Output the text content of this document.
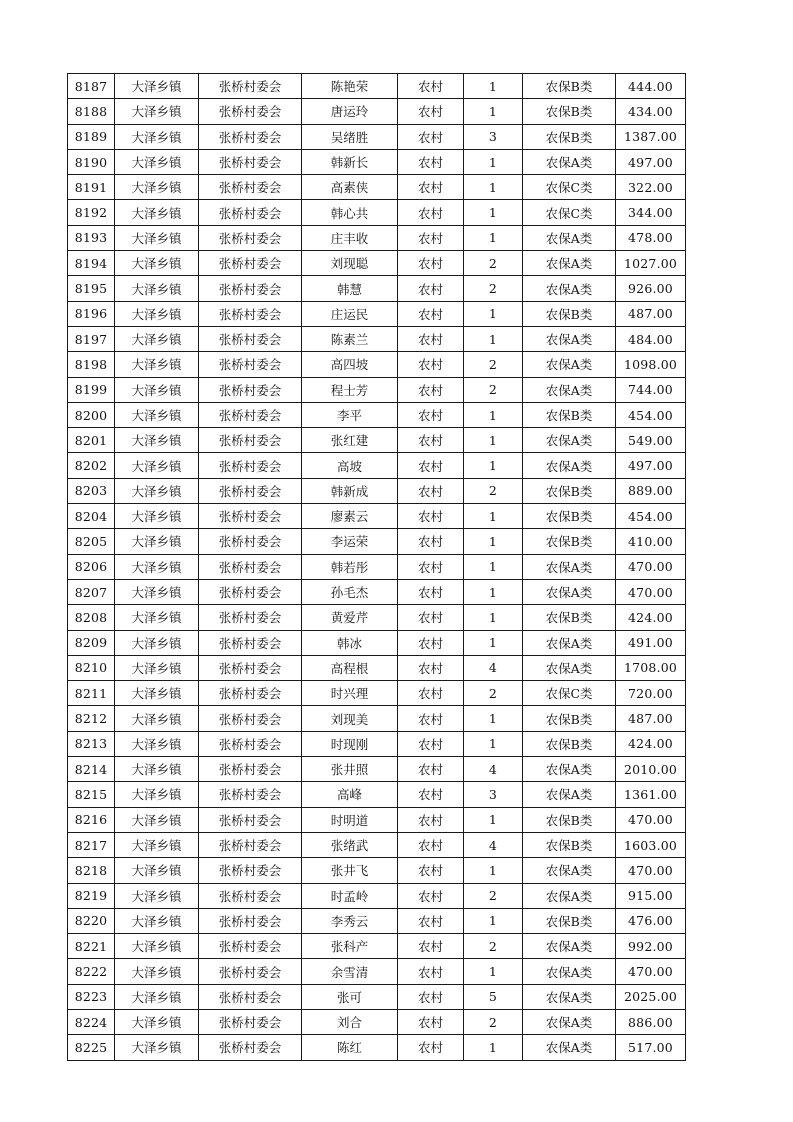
8187	大泽乡镇	张桥村委会	陈艳荣	农村	1	农保B类	444.00
8188	大泽乡镇	张桥村委会	唐运玲	农村	1	农保B类	434.00
8189	大泽乡镇	张桥村委会	吴绪胜	农村	3	农保B类	1387.00
8190	大泽乡镇	张桥村委会	韩新长	农村	1	农保A类	497.00
8191	大泽乡镇	张桥村委会	高素侠	农村	1	农保C类	322.00
8192	大泽乡镇	张桥村委会	韩心共	农村	1	农保C类	344.00
8193	大泽乡镇	张桥村委会	庄丰收	农村	1	农保A类	478.00
8194	大泽乡镇	张桥村委会	刘现聪	农村	2	农保A类	1027.00
8195	大泽乡镇	张桥村委会	韩慧	农村	2	农保A类	926.00
8196	大泽乡镇	张桥村委会	庄运民	农村	1	农保B类	487.00
8197	大泽乡镇	张桥村委会	陈素兰	农村	1	农保A类	484.00
8198	大泽乡镇	张桥村委会	高四坡	农村	2	农保A类	1098.00
8199	大泽乡镇	张桥村委会	程士芳	农村	2	农保A类	744.00
8200	大泽乡镇	张桥村委会	李平	农村	1	农保B类	454.00
8201	大泽乡镇	张桥村委会	张红建	农村	1	农保A类	549.00
8202	大泽乡镇	张桥村委会	高坡	农村	1	农保A类	497.00
8203	大泽乡镇	张桥村委会	韩新成	农村	2	农保B类	889.00
8204	大泽乡镇	张桥村委会	廖素云	农村	1	农保B类	454.00
8205	大泽乡镇	张桥村委会	李运荣	农村	1	农保B类	410.00
8206	大泽乡镇	张桥村委会	韩若彤	农村	1	农保A类	470.00
8207	大泽乡镇	张桥村委会	孙毛杰	农村	1	农保A类	470.00
8208	大泽乡镇	张桥村委会	黄爱芹	农村	1	农保B类	424.00
8209	大泽乡镇	张桥村委会	韩冰	农村	1	农保A类	491.00
8210	大泽乡镇	张桥村委会	高程根	农村	4	农保A类	1708.00
8211	大泽乡镇	张桥村委会	时兴理	农村	2	农保C类	720.00
8212	大泽乡镇	张桥村委会	刘现美	农村	1	农保B类	487.00
8213	大泽乡镇	张桥村委会	时现刚	农村	1	农保B类	424.00
8214	大泽乡镇	张桥村委会	张井照	农村	4	农保A类	2010.00
8215	大泽乡镇	张桥村委会	高峰	农村	3	农保A类	1361.00
8216	大泽乡镇	张桥村委会	时明道	农村	1	农保B类	470.00
8217	大泽乡镇	张桥村委会	张绪武	农村	4	农保B类	1603.00
8218	大泽乡镇	张桥村委会	张井飞	农村	1	农保A类	470.00
8219	大泽乡镇	张桥村委会	时孟岭	农村	2	农保A类	915.00
8220	大泽乡镇	张桥村委会	李秀云	农村	1	农保B类	476.00
8221	大泽乡镇	张桥村委会	张科产	农村	2	农保A类	992.00
8222	大泽乡镇	张桥村委会	余雪清	农村	1	农保A类	470.00
8223	大泽乡镇	张桥村委会	张可	农村	5	农保A类	2025.00
8224	大泽乡镇	张桥村委会	刘合	农村	2	农保A类	886.00
8225	大泽乡镇	张桥村委会	陈红	农村	1	农保A类	517.00
